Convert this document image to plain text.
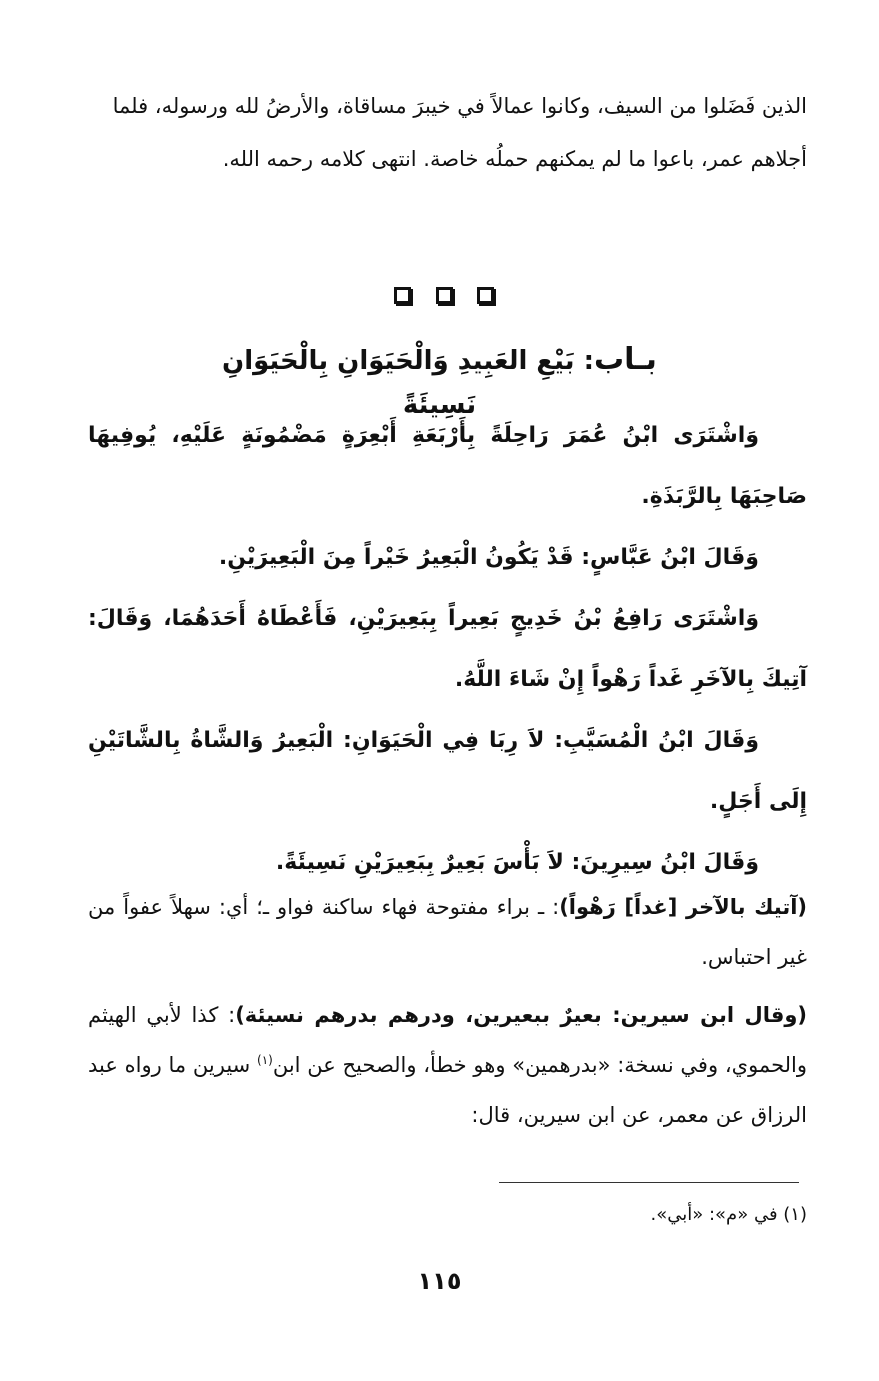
الذين فَضَلوا من السيف، وكانوا عمالاً في خيبرَ مساقاة، والأرضُ لله ورسوله، فلما أجلاهم عمر، باعوا ما لم يمكنهم حملُه خاصة. انتهى كلامه رحمه الله.

بـاب: بَيْعِ العَبِيدِ وَالْحَيَوَانِ بِالْحَيَوَانِ نَسِيئَةً

وَاشْتَرَى ابْنُ عُمَرَ رَاحِلَةً بِأَرْبَعَةِ أَبْعِرَةٍ مَضْمُونَةٍ عَلَيْهِ، يُوفِيهَا صَاحِبَهَا بِالرَّبَذَةِ.

وَقَالَ ابْنُ عَبَّاسٍ: قَدْ يَكُونُ الْبَعِيرُ خَيْراً مِنَ الْبَعِيرَيْنِ.

وَاشْتَرَى رَافِعُ بْنُ خَدِيجٍ بَعِيراً بِبَعِيرَيْنِ، فَأَعْطَاهُ أَحَدَهُمَا، وَقَالَ: آتِيكَ بِالآخَرِ غَداً رَهْواً إِنْ شَاءَ اللَّهُ.

وَقَالَ ابْنُ الْمُسَيَّبِ: لاَ رِبَا فِي الْحَيَوَانِ: الْبَعِيرُ وَالشَّاةُ بِالشَّاتَيْنِ إِلَى أَجَلٍ.

وَقَالَ ابْنُ سِيرِينَ: لاَ بَأْسَ بَعِيرٌ بِبَعِيرَيْنِ نَسِيئَةً.

(آتيك بالآخر [غداً] رَهْواً): ـ براء مفتوحة فهاء ساكنة فواو ـ؛ أي: سهلاً عفواً من غير احتباس.

(وقال ابن سيرين: بعيرٌ ببعيرين، ودرهم بدرهم نسيئة): كذا لأبي الهيثم والحموي، وفي نسخة: «بدرهمين» وهو خطأ، والصحيح عن ابن$^{(١)}$ سيرين ما رواه عبد الرزاق عن معمر، عن ابن سيرين، قال:

(١) في «م»: «أبي».
١١٥
